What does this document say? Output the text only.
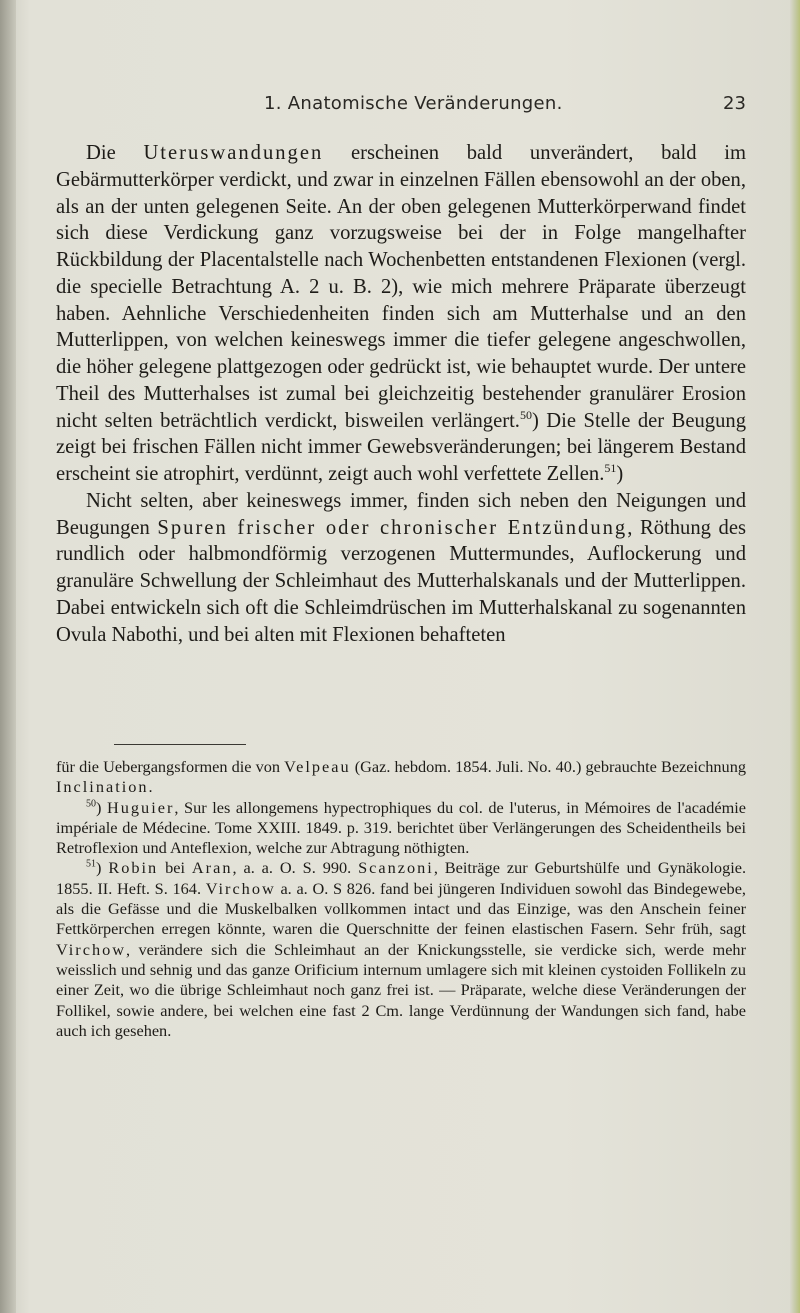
1. Anatomische Veränderungen.	23

Die Uteruswandungen erscheinen bald unverändert, bald im Gebärmutterkörper verdickt, und zwar in einzelnen Fällen ebensowohl an der oben, als an der unten gelegenen Seite. An der oben gelegenen Mutterkörperwand findet sich diese Verdickung ganz vorzugsweise bei der in Folge mangelhafter Rückbildung der Placentalstelle nach Wochenbetten entstandenen Flexionen (vergl. die specielle Betrachtung A. 2 u. B. 2), wie mich mehrere Präparate überzeugt haben. Aehnliche Verschiedenheiten finden sich am Mutterhalse und an den Mutterlippen, von welchen keineswegs immer die tiefer gelegene angeschwollen, die höher gelegene plattgezogen oder gedrückt ist, wie behauptet wurde. Der untere Theil des Mutterhalses ist zumal bei gleichzeitig bestehender granulärer Erosion nicht selten beträchtlich verdickt, bisweilen verlängert.$^{50}$) Die Stelle der Beugung zeigt bei frischen Fällen nicht immer Gewebsveränderungen; bei längerem Bestand erscheint sie atrophirt, verdünnt, zeigt auch wohl verfettete Zellen.$^{51}$)

Nicht selten, aber keineswegs immer, finden sich neben den Neigungen und Beugungen Spuren frischer oder chronischer Entzündung, Röthung des rundlich oder halbmondförmig verzogenen Muttermundes, Auflockerung und granuläre Schwellung der Schleimhaut des Mutterhalskanals und der Mutterlippen. Dabei entwickeln sich oft die Schleimdrüschen im Mutterhalskanal zu sogenannten Ovula Nabothi, und bei alten mit Flexionen behafteten

für die Uebergangsformen die von Velpeau (Gaz. hebdom. 1854. Juli. No. 40.) gebrauchte Bezeichnung Inclination.

$^{50}$) Huguier, Sur les allongemens hypectrophiques du col. de l'uterus, in Mémoires de l'académie impériale de Médecine. Tome XXIII. 1849. p. 319. berichtet über Verlängerungen des Scheidentheils bei Retroflexion und Anteflexion, welche zur Abtragung nöthigten.

$^{51}$) Robin bei Aran, a. a. O. S. 990. Scanzoni, Beiträge zur Geburtshülfe und Gynäkologie. 1855. II. Heft. S. 164. Virchow a. a. O. S 826. fand bei jüngeren Individuen sowohl das Bindegewebe, als die Gefässe und die Muskelbalken vollkommen intact und das Einzige, was den Anschein feiner Fettkörperchen erregen könnte, waren die Querschnitte der feinen elastischen Fasern. Sehr früh, sagt Virchow, verändere sich die Schleimhaut an der Knickungsstelle, sie verdicke sich, werde mehr weisslich und sehnig und das ganze Orificium internum umlagere sich mit kleinen cystoiden Follikeln zu einer Zeit, wo die übrige Schleimhaut noch ganz frei ist. — Präparate, welche diese Veränderungen der Follikel, sowie andere, bei welchen eine fast 2 Cm. lange Verdünnung der Wandungen sich fand, habe auch ich gesehen.
